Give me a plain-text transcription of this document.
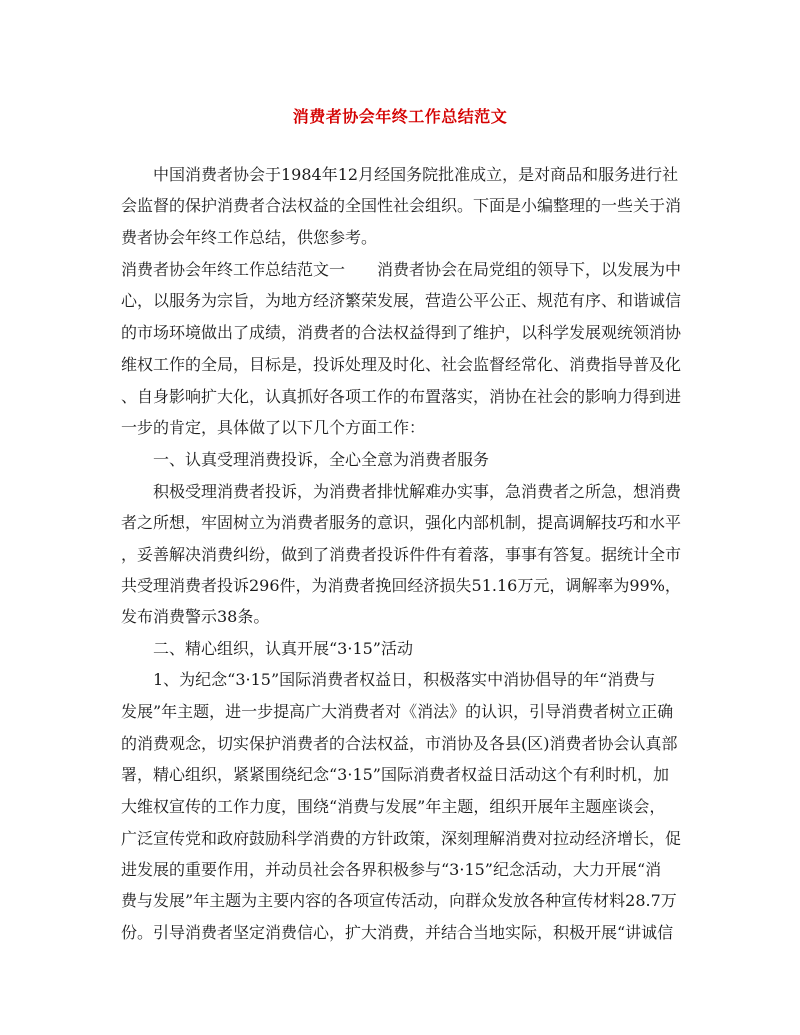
消费者协会年终工作总结范文
　　中国消费者协会于1984年12月经国务院批准成立，是对商品和服务进行社
会监督的保护消费者合法权益的全国性社会组织。下面是小编整理的一些关于消
费者协会年终工作总结，供您参考。
消费者协会年终工作总结范文一　　消费者协会在局党组的领导下，以发展为中
心，以服务为宗旨，为地方经济繁荣发展，营造公平公正、规范有序、和谐诚信
的市场环境做出了成绩，消费者的合法权益得到了维护，以科学发展观统领消协
维权工作的全局，目标是，投诉处理及时化、社会监督经常化、消费指导普及化
、自身影响扩大化，认真抓好各项工作的布置落实，消协在社会的影响力得到进
一步的肯定，具体做了以下几个方面工作：
　　一、认真受理消费投诉，全心全意为消费者服务
　　积极受理消费者投诉，为消费者排忧解难办实事，急消费者之所急，想消费
者之所想，牢固树立为消费者服务的意识，强化内部机制，提高调解技巧和水平
，妥善解决消费纠纷，做到了消费者投诉件件有着落，事事有答复。据统计全市
共受理消费者投诉296件，为消费者挽回经济损失51.16万元，调解率为99%，
发布消费警示38条。
　　二、精心组织，认真开展“3·15”活动
　　1、为纪念“3·15”国际消费者权益日，积极落实中消协倡导的年“消费与
发展”年主题，进一步提高广大消费者对《消法》的认识，引导消费者树立正确
的消费观念，切实保护消费者的合法权益，市消协及各县(区)消费者协会认真部
署，精心组织，紧紧围绕纪念“3·15”国际消费者权益日活动这个有利时机，加
大维权宣传的工作力度，围绕“消费与发展”年主题，组织开展年主题座谈会，
广泛宣传党和政府鼓励科学消费的方针政策，深刻理解消费对拉动经济增长，促
进发展的重要作用，并动员社会各界积极参与“3·15”纪念活动，大力开展“消
费与发展”年主题为主要内容的各项宣传活动，向群众发放各种宣传材料28.7万
份。引导消费者坚定消费信心，扩大消费，并结合当地实际，积极开展“讲诚信
